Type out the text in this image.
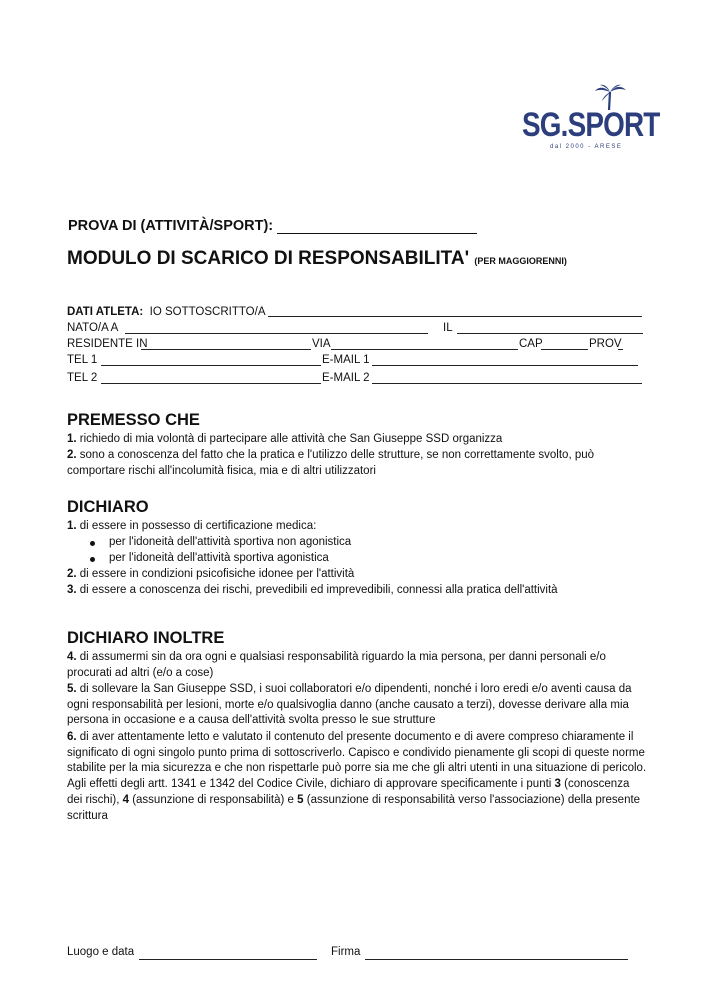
SG.SPORT
dal 2000 - ARESE
PROVA DI (ATTIVITÀ/SPORT):
MODULO DI SCARICO DI RESPONSABILITA' (PER MAGGIORENNI)
DATI ATLETA: IO SOTTOSCRITTO/A
NATO/A A	IL
RESIDENTE IN	VIA	CAP	PROV
TEL 1	E-MAIL 1
TEL 2	E-MAIL 2
PREMESSO CHE
1. richiedo di mia volontà di partecipare alle attività che San Giuseppe SSD organizza
2. sono a conoscenza del fatto che la pratica e l'utilizzo delle strutture, se non correttamente svolto, può comportare rischi all'incolumità fisica, mia e di altri utilizzatori
DICHIARO
1. di essere in possesso di certificazione medica:
per l'idoneità dell'attività sportiva non agonistica
per l'idoneità dell'attività sportiva agonistica
2. di essere in condizioni psicofisiche idonee per l'attività
3. di essere a conoscenza dei rischi, prevedibili ed imprevedibili, connessi alla pratica dell'attività
DICHIARO INOLTRE
4. di assumermi sin da ora ogni e qualsiasi responsabilità riguardo la mia persona, per danni personali e/o procurati ad altri (e/o a cose)
5. di sollevare la San Giuseppe SSD, i suoi collaboratori e/o dipendenti, nonché i loro eredi e/o aventi causa da ogni responsabilità per lesioni, morte e/o qualsivoglia danno (anche causato a terzi), dovesse derivare alla mia persona in occasione e a causa dell'attività svolta presso le sue strutture
6. di aver attentamente letto e valutato il contenuto del presente documento e di avere compreso chiaramente il significato di ogni singolo punto prima di sottoscriverlo. Capisco e condivido pienamente gli scopi di queste norme stabilite per la mia sicurezza e che non rispettarle può porre sia me che gli altri utenti in una situazione di pericolo. Agli effetti degli artt. 1341 e 1342 del Codice Civile, dichiaro di approvare specificamente i punti 3 (conoscenza dei rischi), 4 (assunzione di responsabilità) e 5 (assunzione di responsabilità verso l'associazione) della presente scrittura
Luogo e data	Firma
